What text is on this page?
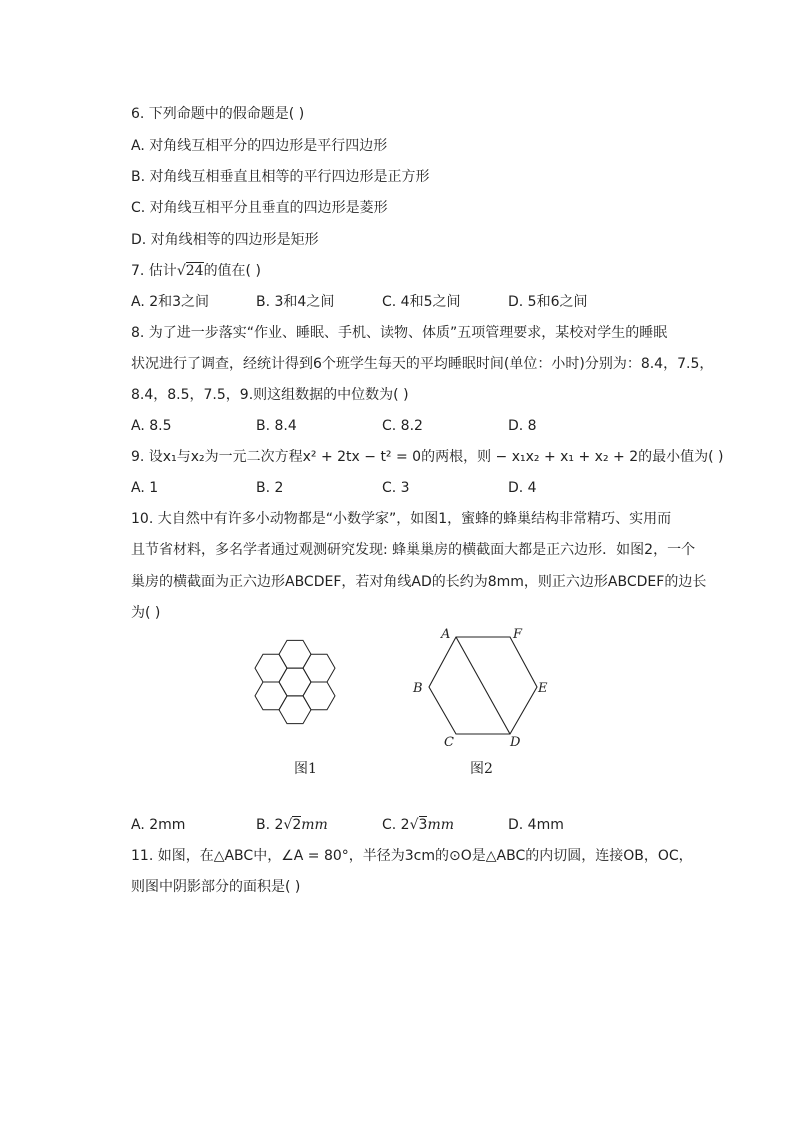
6. 下列命题中的假命题是( )
A. 对角线互相平分的四边形是平行四边形
B. 对角线互相垂直且相等的平行四边形是正方形
C. 对角线互相平分且垂直的四边形是菱形
D. 对角线相等的四边形是矩形
7. 估计√24的值在( )
A. 2和3之间	B. 3和4之间	C. 4和5之间	D. 5和6之间
8. 为了进一步落实“作业、睡眠、手机、读物、体质”五项管理要求，某校对学生的睡眠
状况进行了调查，经统计得到6个班学生每天的平均睡眠时间(单位：小时)分别为：8.4，7.5，
8.4，8.5，7.5，9.则这组数据的中位数为( )
A. 8.5	B. 8.4	C. 8.2	D. 8
9. 设x₁与x₂为一元二次方程x² + 2tx − t² = 0的两根，则 − x₁x₂ + x₁ + x₂ + 2的最小值为( )
A. 1	B. 2	C. 3	D. 4
10. 大自然中有许多小动物都是“小数学家”，如图1，蜜蜂的蜂巢结构非常精巧、实用而
且节省材料，多名学者通过观测研究发现: 蜂巢巢房的横截面大都是正六边形．如图2，一个
巢房的横截面为正六边形ABCDEF，若对角线AD的长约为8mm，则正六边形ABCDEF的边长
为( )
图1
A	F
B	E
C	D
图2
A. 2mm	B. 2√2mm	C. 2√3mm	D. 4mm
11. 如图，在△ABC中，∠A = 80°，半径为3cm的⊙O是△ABC的内切圆，连接OB，OC，
则图中阴影部分的面积是( )
